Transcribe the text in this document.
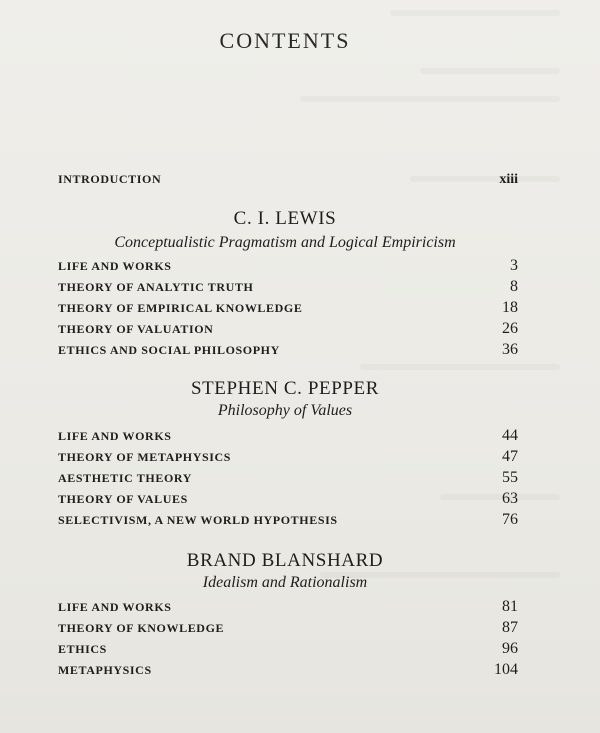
CONTENTS
INTRODUCTION	xiii
C. I. LEWIS
Conceptualistic Pragmatism and Logical Empiricism
LIFE AND WORKS	3
THEORY OF ANALYTIC TRUTH	8
THEORY OF EMPIRICAL KNOWLEDGE	18
THEORY OF VALUATION	26
ETHICS AND SOCIAL PHILOSOPHY	36
STEPHEN C. PEPPER
Philosophy of Values
LIFE AND WORKS	44
THEORY OF METAPHYSICS	47
AESTHETIC THEORY	55
THEORY OF VALUES	63
SELECTIVISM, A NEW WORLD HYPOTHESIS	76
BRAND BLANSHARD
Idealism and Rationalism
LIFE AND WORKS	81
THEORY OF KNOWLEDGE	87
ETHICS	96
METAPHYSICS	104
